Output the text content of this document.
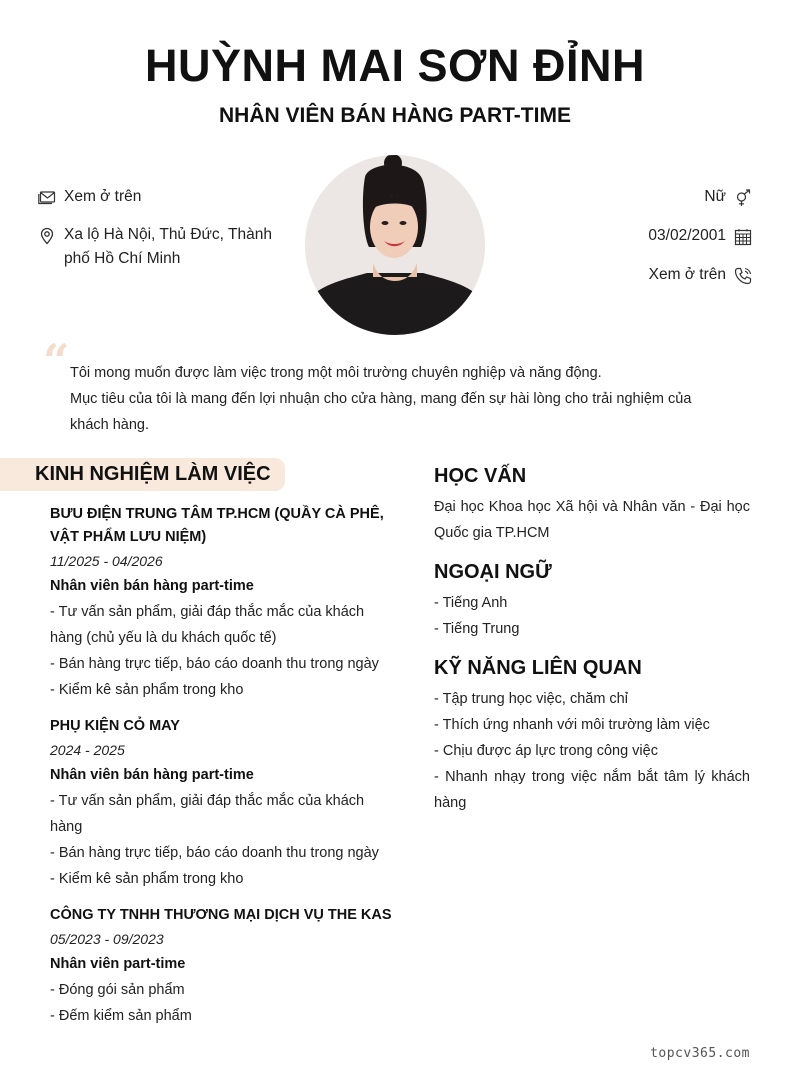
HUỲNH MAI SƠN ĐỈNH
NHÂN VIÊN BÁN HÀNG PART-TIME
Xem ở trên
Xa lộ Hà Nội, Thủ Đức, Thành phố Hồ Chí Minh
Nữ
03/02/2001
Xem ở trên
“ Tôi mong muốn được làm việc trong một môi trường chuyên nghiệp và năng động.

Mục tiêu của tôi là mang đến lợi nhuận cho cửa hàng, mang đến sự hài lòng cho trải nghiệm của khách hàng.

KINH NGHIỆM LÀM VIỆC
BƯU ĐIỆN TRUNG TÂM TP.HCM (QUẦY CÀ PHÊ, VẬT PHẨM LƯU NIỆM)
11/2025 - 04/2026
Nhân viên bán hàng part-time
- Tư vấn sản phẩm, giải đáp thắc mắc của khách hàng (chủ yếu là du khách quốc tế)
- Bán hàng trực tiếp, báo cáo doanh thu trong ngày
- Kiểm kê sản phẩm trong kho
PHỤ KIỆN CỎ MAY
2024 - 2025
Nhân viên bán hàng part-time
- Tư vấn sản phẩm, giải đáp thắc mắc của khách hàng
- Bán hàng trực tiếp, báo cáo doanh thu trong ngày
- Kiểm kê sản phẩm trong kho
CÔNG TY TNHH THƯƠNG MẠI DỊCH VỤ THE KAS
05/2023 - 09/2023
Nhân viên part-time
- Đóng gói sản phẩm
- Đếm kiểm sản phẩm
HỌC VẤN
Đại học Khoa học Xã hội và Nhân văn - Đại học Quốc gia TP.HCM
NGOẠI NGỮ
- Tiếng Anh
- Tiếng Trung
KỸ NĂNG LIÊN QUAN
- Tập trung học việc, chăm chỉ
- Thích ứng nhanh với môi trường làm việc
- Chịu được áp lực trong công việc
- Nhanh nhạy trong việc nắm bắt tâm lý khách hàng
topcv365.com
